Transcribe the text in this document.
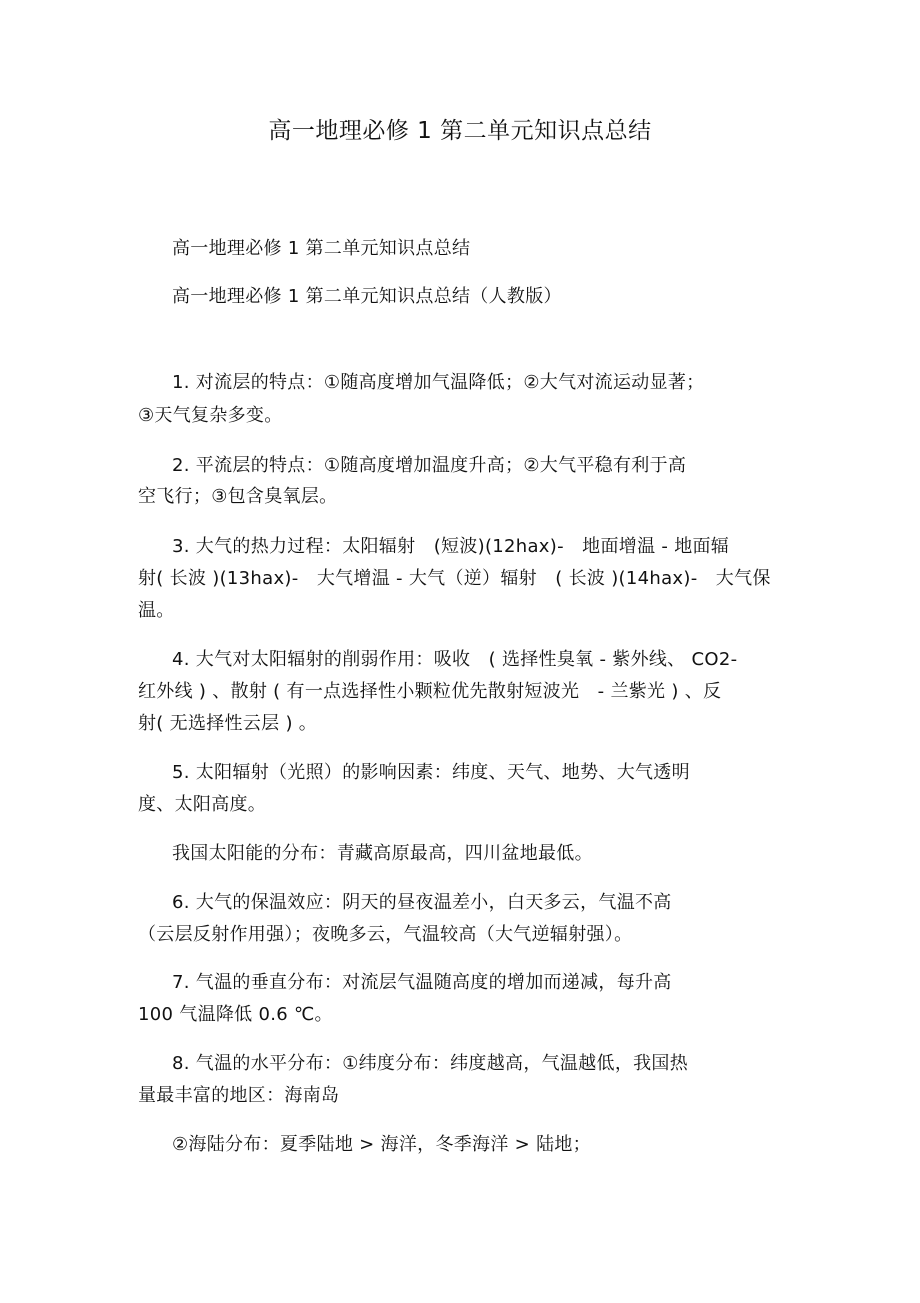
高一地理必修 1 第二单元知识点总结
高一地理必修 1 第二单元知识点总结
高一地理必修 1 第二单元知识点总结（人教版）
1. 对流层的特点：①随高度增加气温降低；②大气对流运动显著；
③天气复杂多变。
2. 平流层的特点：①随高度增加温度升高；②大气平稳有利于高
空飞行；③包含臭氧层。
3. 大气的热力过程：太阳辐射　(短波)(12hax)-　地面增温 - 地面辐
射( 长波 )(13hax)-　大气增温 - 大气（逆）辐射　( 长波 )(14hax)-　大气保
温。
4. 大气对太阳辐射的削弱作用：吸收　( 选择性臭氧 - 紫外线、 CO2-
红外线 ) 、散射 ( 有一点选择性小颗粒优先散射短波光　- 兰紫光 ) 、反
射( 无选择性云层 ) 。
5. 太阳辐射（光照）的影响因素：纬度、天气、地势、大气透明
度、太阳高度。
我国太阳能的分布：青藏高原最高，四川盆地最低。
6. 大气的保温效应：阴天的昼夜温差小，白天多云，气温不高
（云层反射作用强）；夜晚多云，气温较高（大气逆辐射强）。
7. 气温的垂直分布：对流层气温随高度的增加而递减，每升高
100 气温降低 0.6 ℃。
8. 气温的水平分布：①纬度分布：纬度越高，气温越低，我国热
量最丰富的地区：海南岛
②海陆分布：夏季陆地 > 海洋，冬季海洋 > 陆地；
